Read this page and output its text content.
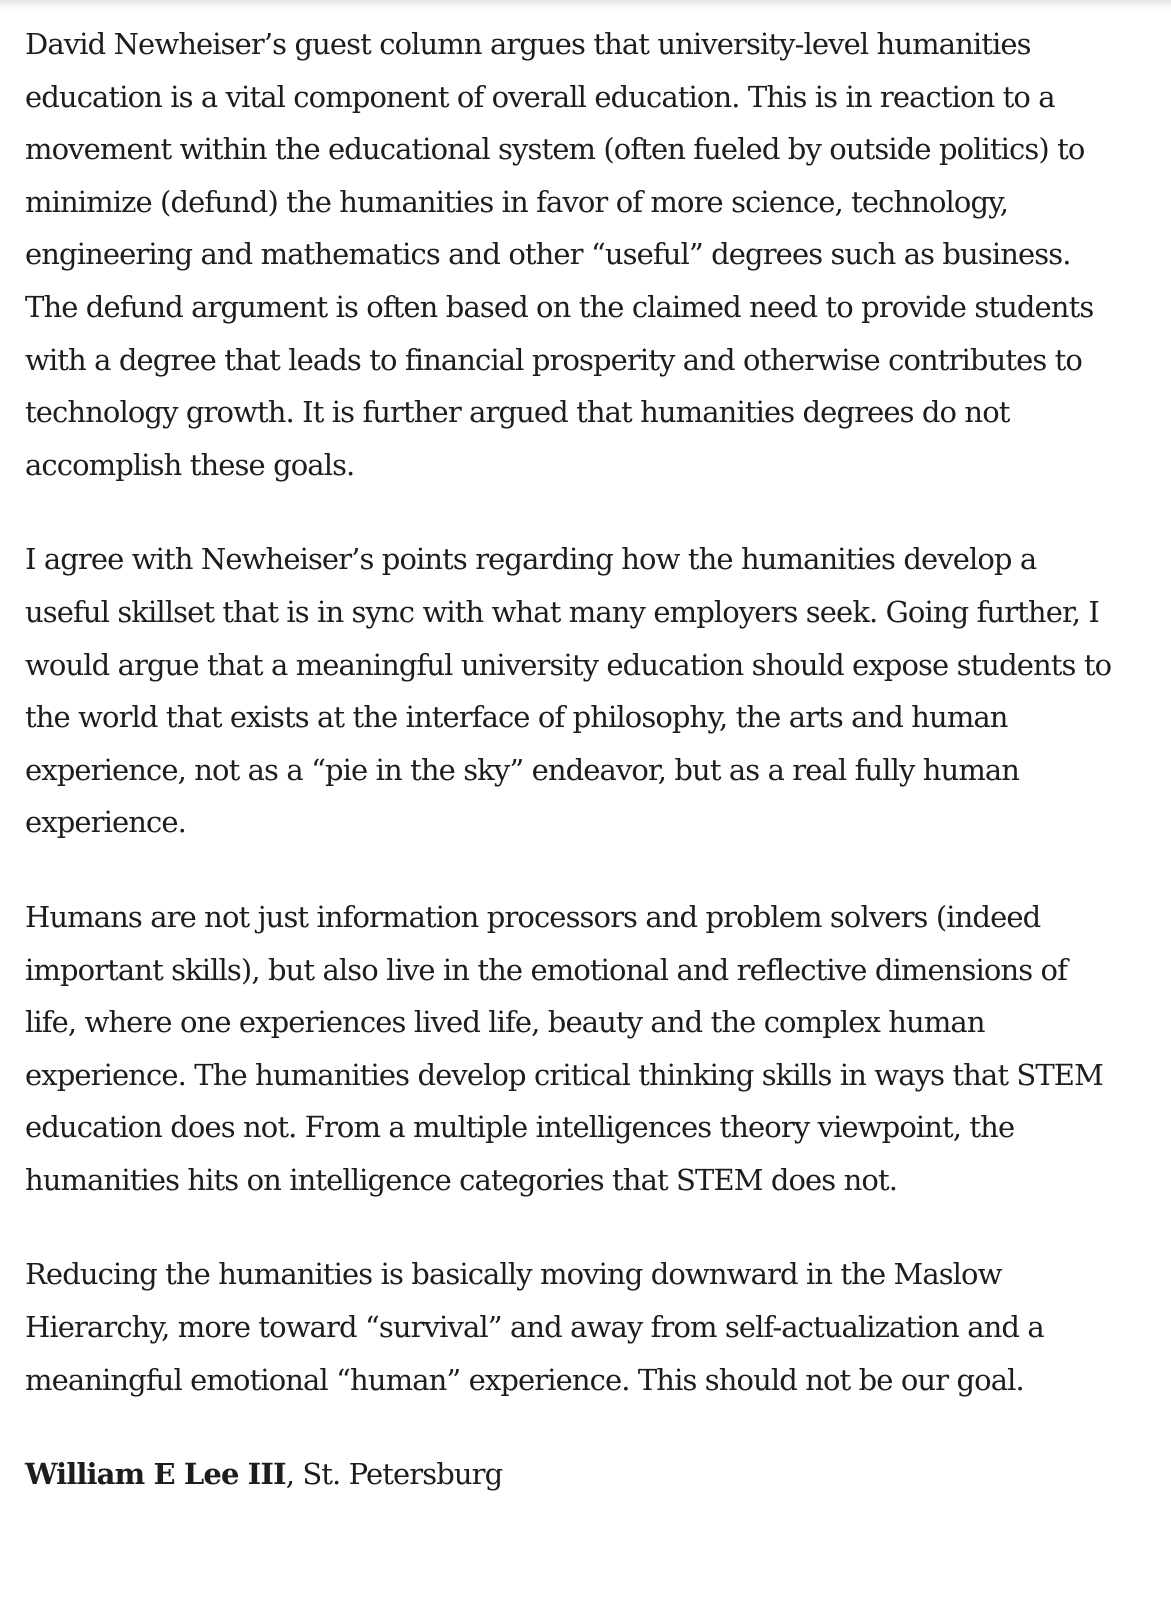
David Newheiser’s guest column argues that university-level humanities education is a vital component of overall education. This is in reaction to a movement within the educational system (often fueled by outside politics) to minimize (defund) the humanities in favor of more science, technology, engineering and mathematics and other “useful” degrees such as business. The defund argument is often based on the claimed need to provide students with a degree that leads to financial prosperity and otherwise contributes to technology growth. It is further argued that humanities degrees do not accomplish these goals.

I agree with Newheiser’s points regarding how the humanities develop a useful skillset that is in sync with what many employers seek. Going further, I would argue that a meaningful university education should expose students to the world that exists at the interface of philosophy, the arts and human experience, not as a “pie in the sky” endeavor, but as a real fully human experience.

Humans are not just information processors and problem solvers (indeed important skills), but also live in the emotional and reflective dimensions of life, where one experiences lived life, beauty and the complex human experience. The humanities develop critical thinking skills in ways that STEM education does not. From a multiple intelligences theory viewpoint, the humanities hits on intelligence categories that STEM does not.

Reducing the humanities is basically moving downward in the Maslow Hierarchy, more toward “survival” and away from self-actualization and a meaningful emotional “human” experience. This should not be our goal.

William E Lee III, St. Petersburg
